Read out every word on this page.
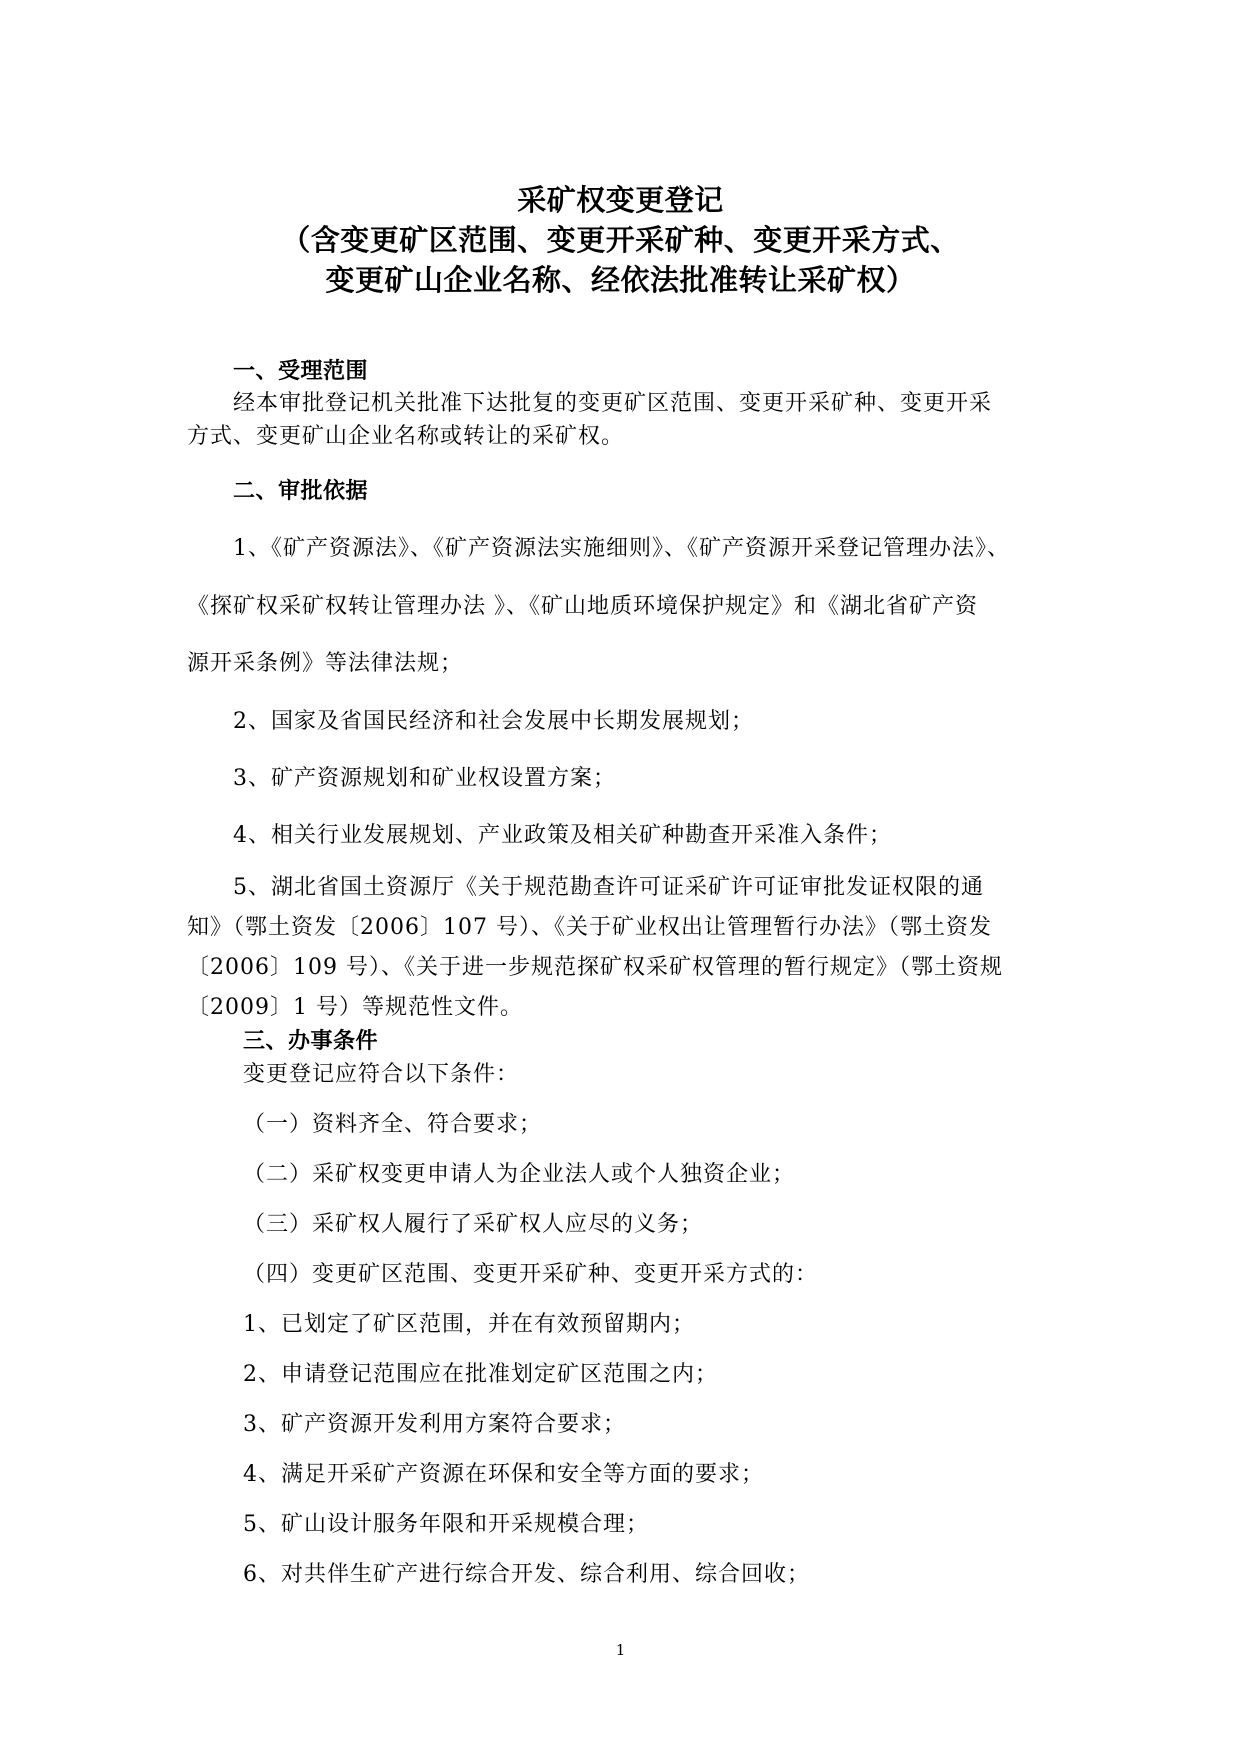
采矿权变更登记
（含变更矿区范围、变更开采矿种、变更开采方式、
变更矿山企业名称、经依法批准转让采矿权）
一、受理范围
经本审批登记机关批准下达批复的变更矿区范围、变更开采矿种、变更开采
方式、变更矿山企业名称或转让的采矿权。
二、审批依据
1、《矿产资源法》、《矿产资源法实施细则》、《矿产资源开采登记管理办法》、
《探矿权采矿权转让管理办法 》、《矿山地质环境保护规定》和《湖北省矿产资
源开采条例》等法律法规；
2、国家及省国民经济和社会发展中长期发展规划；
3、矿产资源规划和矿业权设置方案；
4、相关行业发展规划、产业政策及相关矿种勘查开采准入条件；
5、湖北省国土资源厅《关于规范勘查许可证采矿许可证审批发证权限的通
知》（鄂土资发〔2006〕107 号）、《关于矿业权出让管理暂行办法》（鄂土资发
〔2006〕109 号）、《关于进一步规范探矿权采矿权管理的暂行规定》（鄂土资规
〔2009〕1 号）等规范性文件。
三、办事条件
变更登记应符合以下条件：
（一）资料齐全、符合要求；
（二）采矿权变更申请人为企业法人或个人独资企业；
（三）采矿权人履行了采矿权人应尽的义务；
（四）变更矿区范围、变更开采矿种、变更开采方式的：
1、已划定了矿区范围，并在有效预留期内；
2、申请登记范围应在批准划定矿区范围之内；
3、矿产资源开发利用方案符合要求；
4、满足开采矿产资源在环保和安全等方面的要求；
5、矿山设计服务年限和开采规模合理；
6、对共伴生矿产进行综合开发、综合利用、综合回收；
1
